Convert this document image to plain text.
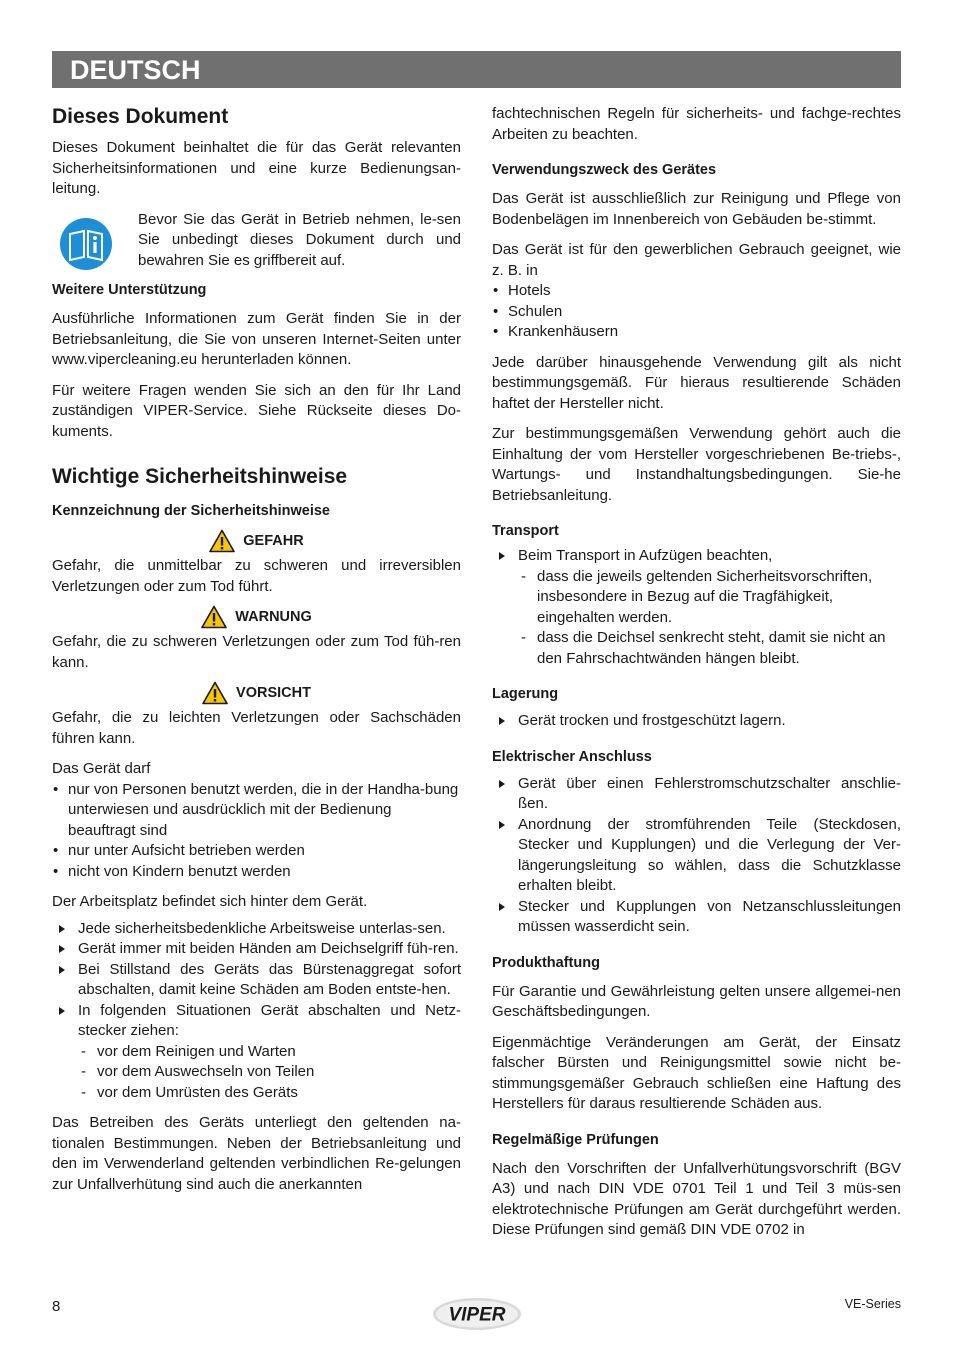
DEUTSCH
Dieses Dokument

Dieses Dokument beinhaltet die für das Gerät relevanten Sicherheitsinformationen und eine kurze Bedienungsan-leitung.

Bevor Sie das Gerät in Betrieb nehmen, le-sen Sie unbedingt dieses Dokument durch und bewahren Sie es griffbereit auf.

Weitere Unterstützung

Ausführliche Informationen zum Gerät finden Sie in der Betriebsanleitung, die Sie von unseren Internet-Seiten unter www.vipercleaning.eu herunterladen können.

Für weitere Fragen wenden Sie sich an den für Ihr Land zuständigen VIPER-Service. Siehe Rückseite dieses Do-kuments.

Wichtige Sicherheitshinweise
Kennzeichnung der Sicherheitshinweise
GEFAHR

Gefahr, die unmittelbar zu schweren und irreversiblen Verletzungen oder zum Tod führt.

WARNUNG

Gefahr, die zu schweren Verletzungen oder zum Tod füh-ren kann.

VORSICHT

Gefahr, die zu leichten Verletzungen oder Sachschäden führen kann.

Das Gerät darf

• nur von Personen benutzt werden, die in der Handha-bung unterwiesen und ausdrücklich mit der Bedienung beauftragt sind
• nur unter Aufsicht betrieben werden
• nicht von Kindern benutzt werden

Der Arbeitsplatz befindet sich hinter dem Gerät.

Jede sicherheitsbedenkliche Arbeitsweise unterlas-sen.
Gerät immer mit beiden Händen am Deichselgriff füh-ren.
Bei Stillstand des Geräts das Bürstenaggregat sofort abschalten, damit keine Schäden am Boden entste-hen.
In folgenden Situationen Gerät abschalten und Netz-stecker ziehen:
- vor dem Reinigen und Warten
- vor dem Auswechseln von Teilen
- vor dem Umrüsten des Geräts

Das Betreiben des Geräts unterliegt den geltenden na-tionalen Bestimmungen. Neben der Betriebsanleitung und den im Verwenderland geltenden verbindlichen Re-gelungen zur Unfallverhütung sind auch die anerkannten

fachtechnischen Regeln für sicherheits- und fachge-rechtes Arbeiten zu beachten.

Verwendungszweck des Gerätes

Das Gerät ist ausschließlich zur Reinigung und Pflege von Bodenbelägen im Innenbereich von Gebäuden be-stimmt.

Das Gerät ist für den gewerblichen Gebrauch geeignet, wie z. B. in

• Hotels
• Schulen
• Krankenhäusern

Jede darüber hinausgehende Verwendung gilt als nicht bestimmungsgemäß. Für hieraus resultierende Schäden haftet der Hersteller nicht.

Zur bestimmungsgemäßen Verwendung gehört auch die Einhaltung der vom Hersteller vorgeschriebenen Be-triebs-, Wartungs- und Instandhaltungsbedingungen. Sie-he Betriebsanleitung.

Transport
Beim Transport in Aufzügen beachten,
- dass die jeweils geltenden Sicherheitsvorschriften, insbesondere in Bezug auf die Tragfähigkeit, eingehalten werden.
- dass die Deichsel senkrecht steht, damit sie nicht an den Fahrschachtwänden hängen bleibt.
Lagerung
Gerät trocken und frostgeschützt lagern.
Elektrischer Anschluss
Gerät über einen Fehlerstromschutzschalter anschlie-ßen.
Anordnung der stromführenden Teile (Steckdosen, Stecker und Kupplungen) und die Verlegung der Ver-längerungsleitung so wählen, dass die Schutzklasse erhalten bleibt.
Stecker und Kupplungen von Netzanschlussleitungen müssen wasserdicht sein.
Produkthaftung

Für Garantie und Gewährleistung gelten unsere allgemei-nen Geschäftsbedingungen.

Eigenmächtige Veränderungen am Gerät, der Einsatz falscher Bürsten und Reinigungsmittel sowie nicht be-stimmungsgemäßer Gebrauch schließen eine Haftung des Herstellers für daraus resultierende Schäden aus.

Regelmäßige Prüfungen

Nach den Vorschriften der Unfallverhütungsvorschrift (BGV A3) und nach DIN VDE 0701 Teil 1 und Teil 3 müs-sen elektrotechnische Prüfungen am Gerät durchgeführt werden. Diese Prüfungen sind gemäß DIN VDE 0702 in

8	VIPER
VE-Series
